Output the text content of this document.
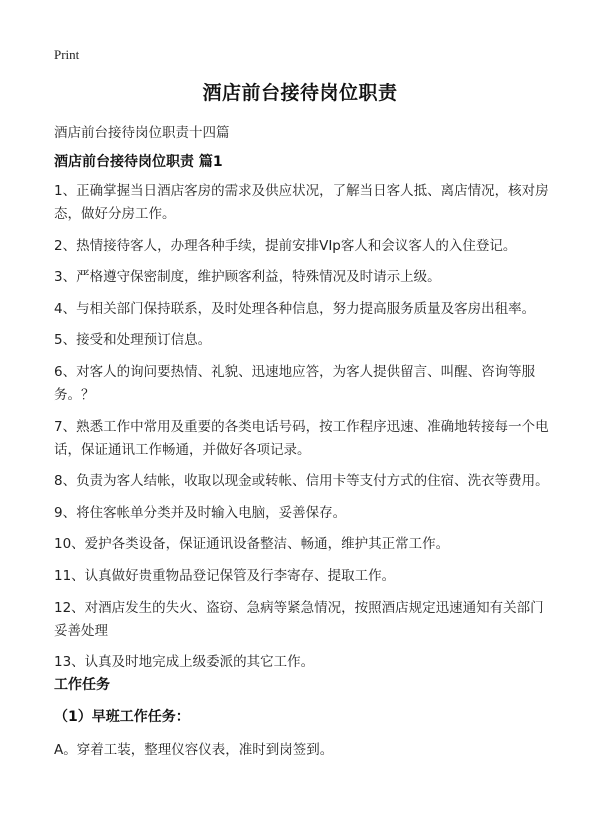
Print
酒店前台接待岗位职责
酒店前台接待岗位职责十四篇
酒店前台接待岗位职责 篇1
1、正确掌握当日酒店客房的需求及供应状况，了解当日客人抵、离店情况，核对房态，做好分房工作。
2、热情接待客人，办理各种手续，提前安排VIp客人和会议客人的入住登记。
3、严格遵守保密制度，维护顾客利益，特殊情况及时请示上级。
4、与相关部门保持联系，及时处理各种信息，努力提高服务质量及客房出租率。
5、接受和处理预订信息。
6、对客人的询问要热情、礼貌、迅速地应答，为客人提供留言、叫醒、咨询等服务。？
7、熟悉工作中常用及重要的各类电话号码，按工作程序迅速、准确地转接每一个电话，保证通讯工作畅通，并做好各项记录。
8、负责为客人结帐，收取以现金或转帐、信用卡等支付方式的住宿、洗衣等费用。
9、将住客帐单分类并及时输入电脑，妥善保存。
10、爱护各类设备，保证通讯设备整洁、畅通，维护其正常工作。
11、认真做好贵重物品登记保管及行李寄存、提取工作。
12、对酒店发生的失火、盗窃、急病等紧急情况，按照酒店规定迅速通知有关部门妥善处理
13、认真及时地完成上级委派的其它工作。
工作任务
（1）早班工作任务：
A。穿着工装，整理仪容仪表，准时到岗签到。
